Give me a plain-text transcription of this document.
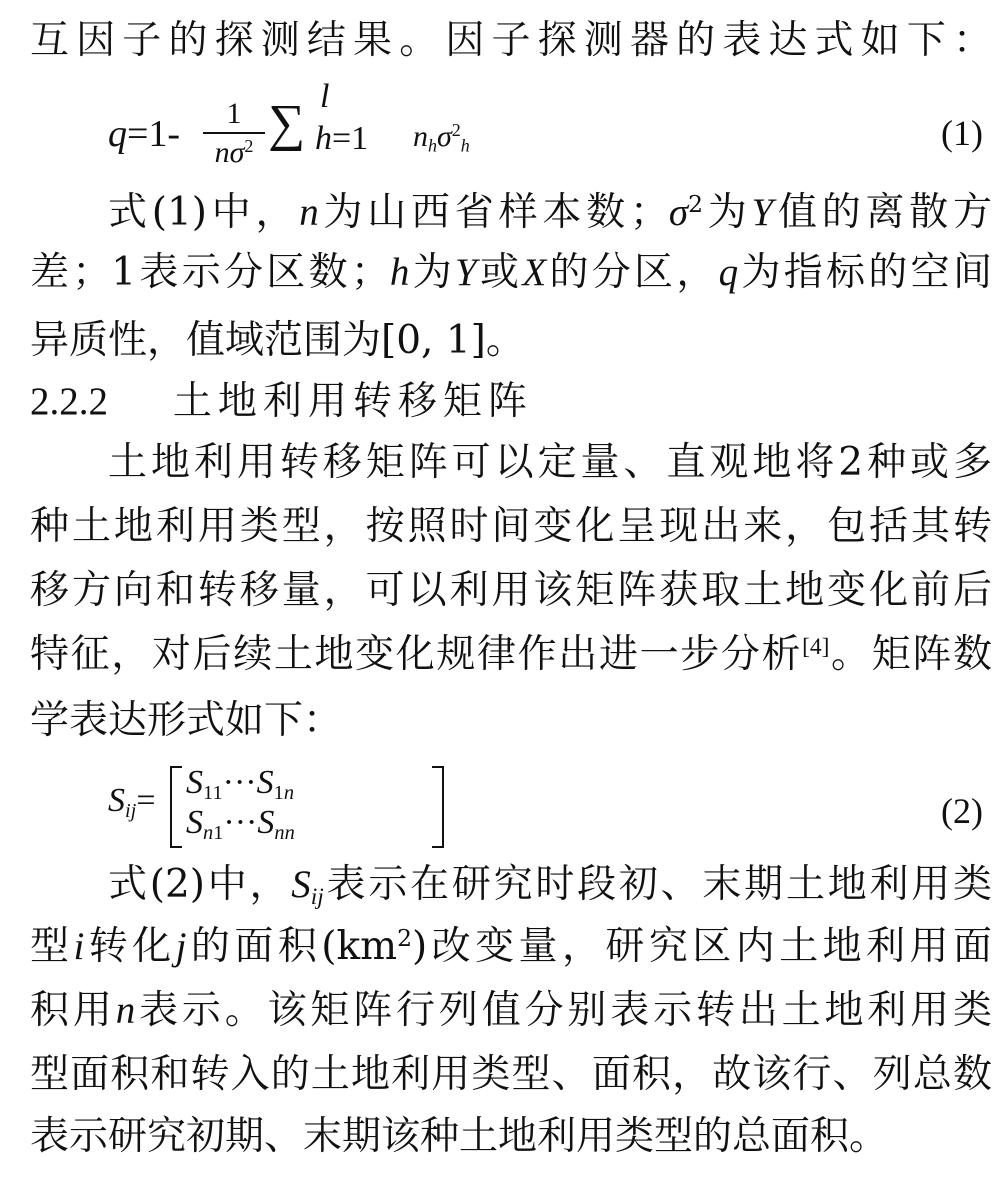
互因子的探测结果。因子探测器的表达式如下：
q=1-	1
$n\sigma^2$ ∑ l
h=1 $n_h\sigma^2_h$	(1)
式(1)中，n为山西省样本数；$\sigma^2$为Y值的离散方
差；1表示分区数；h为Y或X的分区，q为指标的空间
异质性，值域范围为[0, 1]。
2.2.2 土地利用转移矩阵
土地利用转移矩阵可以定量、直观地将2种或多
种土地利用类型，按照时间变化呈现出来，包括其转
移方向和转移量，可以利用该矩阵获取土地变化前后
特征，对后续土地变化规律作出进一步分析[4]。矩阵数
学表达形式如下：
$S_{ij}= S_{11}\cdot\cdot\cdot S_{1n}$
$S_{n1}\cdot\cdot\cdot S_{nn}$
(2)
式(2)中，$S_{ij}$表示在研究时段初、末期土地利用类
型i转化j的面积$(km^2)$改变量，研究区内土地利用面
积用n表示。该矩阵行列值分别表示转出土地利用类
型面积和转入的土地利用类型、面积，故该行、列总数
表示研究初期、末期该种土地利用类型的总面积。
